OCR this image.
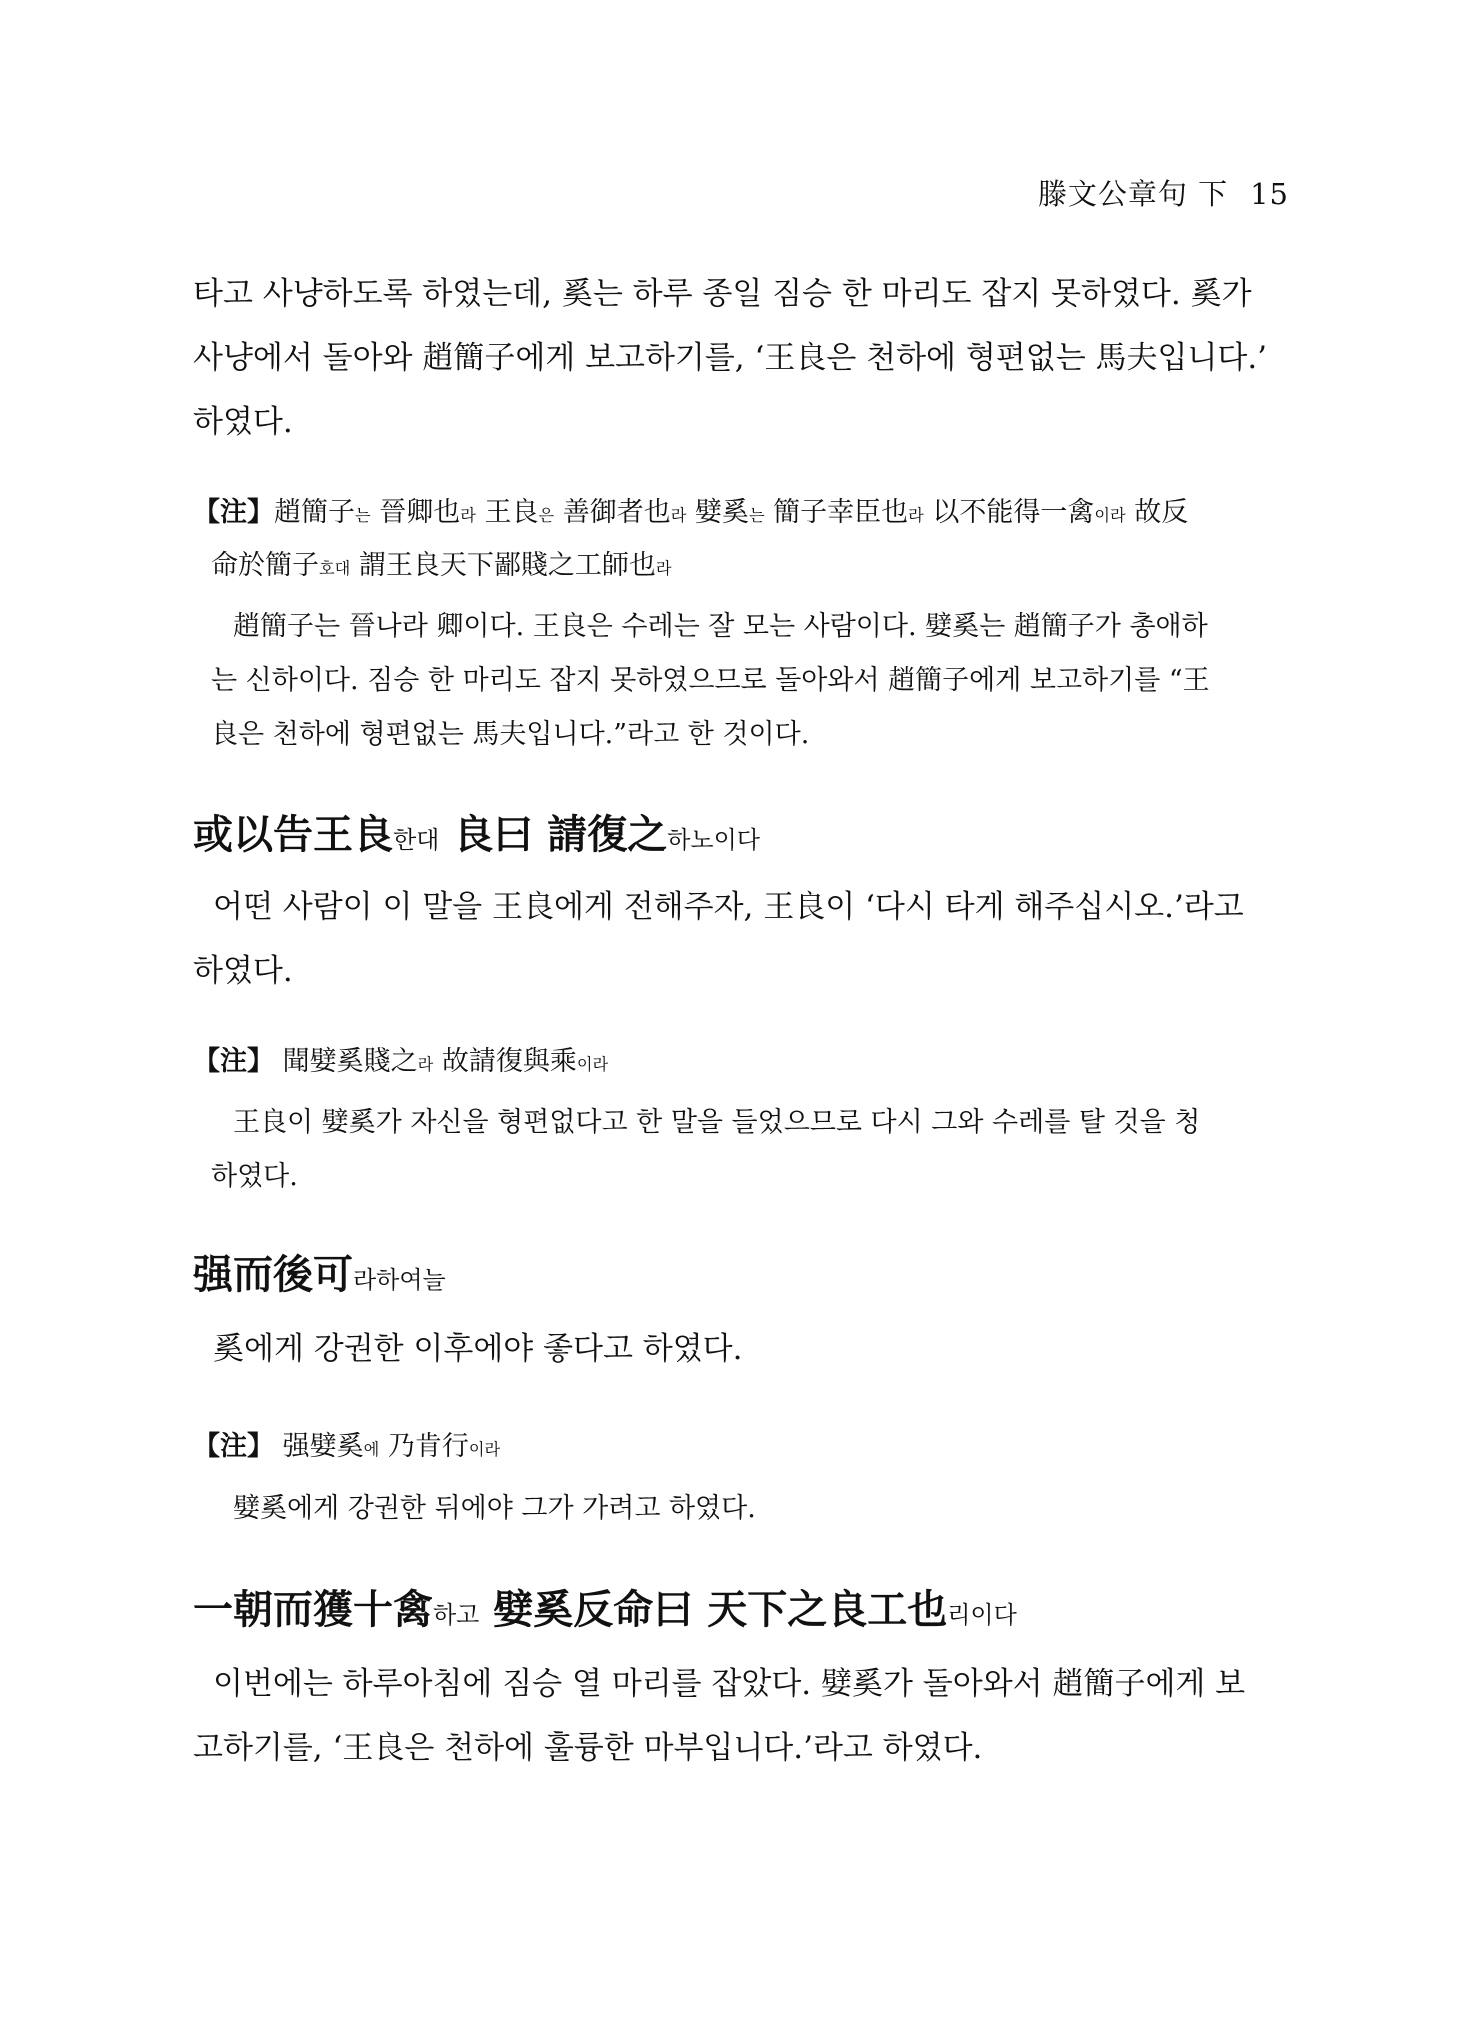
滕文公章句 下 15

타고 사냥하도록 하였는데, 奚는 하루 종일 짐승 한 마리도 잡지 못하였다. 奚가

사냥에서 돌아와 趙簡子에게 보고하기를, ‘王良은 천하에 형편없는 馬夫입니다.’

하였다.

【注】趙簡子는 晉卿也라 王良은 善御者也라 嬖奚는 簡子幸臣也라 以不能得一禽이라 故反

命於簡子호대 謂王良天下鄙賤之工師也라

趙簡子는 晉나라 卿이다. 王良은 수레는 잘 모는 사람이다. 嬖奚는 趙簡子가 총애하

는 신하이다. 짐승 한 마리도 잡지 못하였으므로 돌아와서 趙簡子에게 보고하기를 “王

良은 천하에 형편없는 馬夫입니다.”라고 한 것이다.

或以告王良한대 良曰 請復之하노이다

어떤 사람이 이 말을 王良에게 전해주자, 王良이 ‘다시 타게 해주십시오.’라고

하였다.

【注】 聞嬖奚賤之라 故請復與乘이라

王良이 嬖奚가 자신을 형편없다고 한 말을 들었으므로 다시 그와 수레를 탈 것을 청

하였다.

强而後可라하여늘

奚에게 강권한 이후에야 좋다고 하였다.

【注】 强嬖奚에 乃肯行이라

嬖奚에게 강권한 뒤에야 그가 가려고 하였다.

一朝而獲十禽하고 嬖奚反命曰 天下之良工也리이다

이번에는 하루아침에 짐승 열 마리를 잡았다. 嬖奚가 돌아와서 趙簡子에게 보

고하기를, ‘王良은 천하에 훌륭한 마부입니다.’라고 하였다.
